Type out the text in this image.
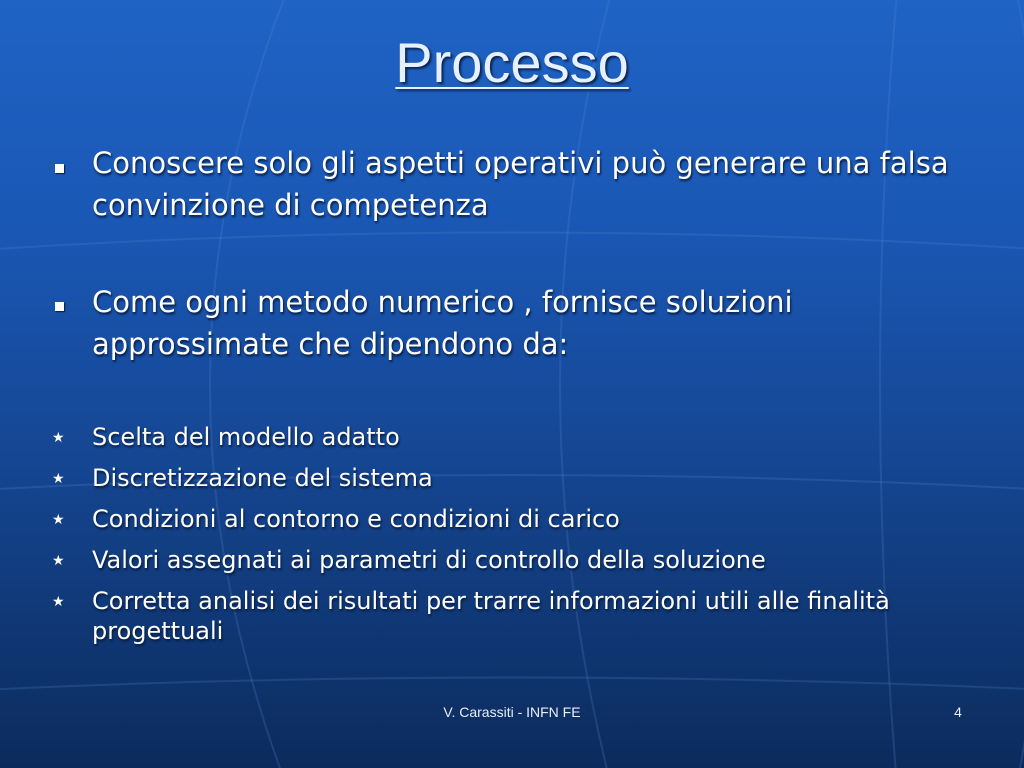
Processo
Conoscere solo gli aspetti operativi può generare una falsa convinzione di competenza
Come ogni metodo numerico , fornisce soluzioni approssimate che dipendono da:
★ Scelta del modello adatto
★ Discretizzazione del sistema
★ Condizioni al contorno e condizioni di carico
★ Valori assegnati ai parametri di controllo della soluzione
★ Corretta analisi dei risultati per trarre informazioni utili alle finalità progettuali
V. Carassiti - INFN FE	4
